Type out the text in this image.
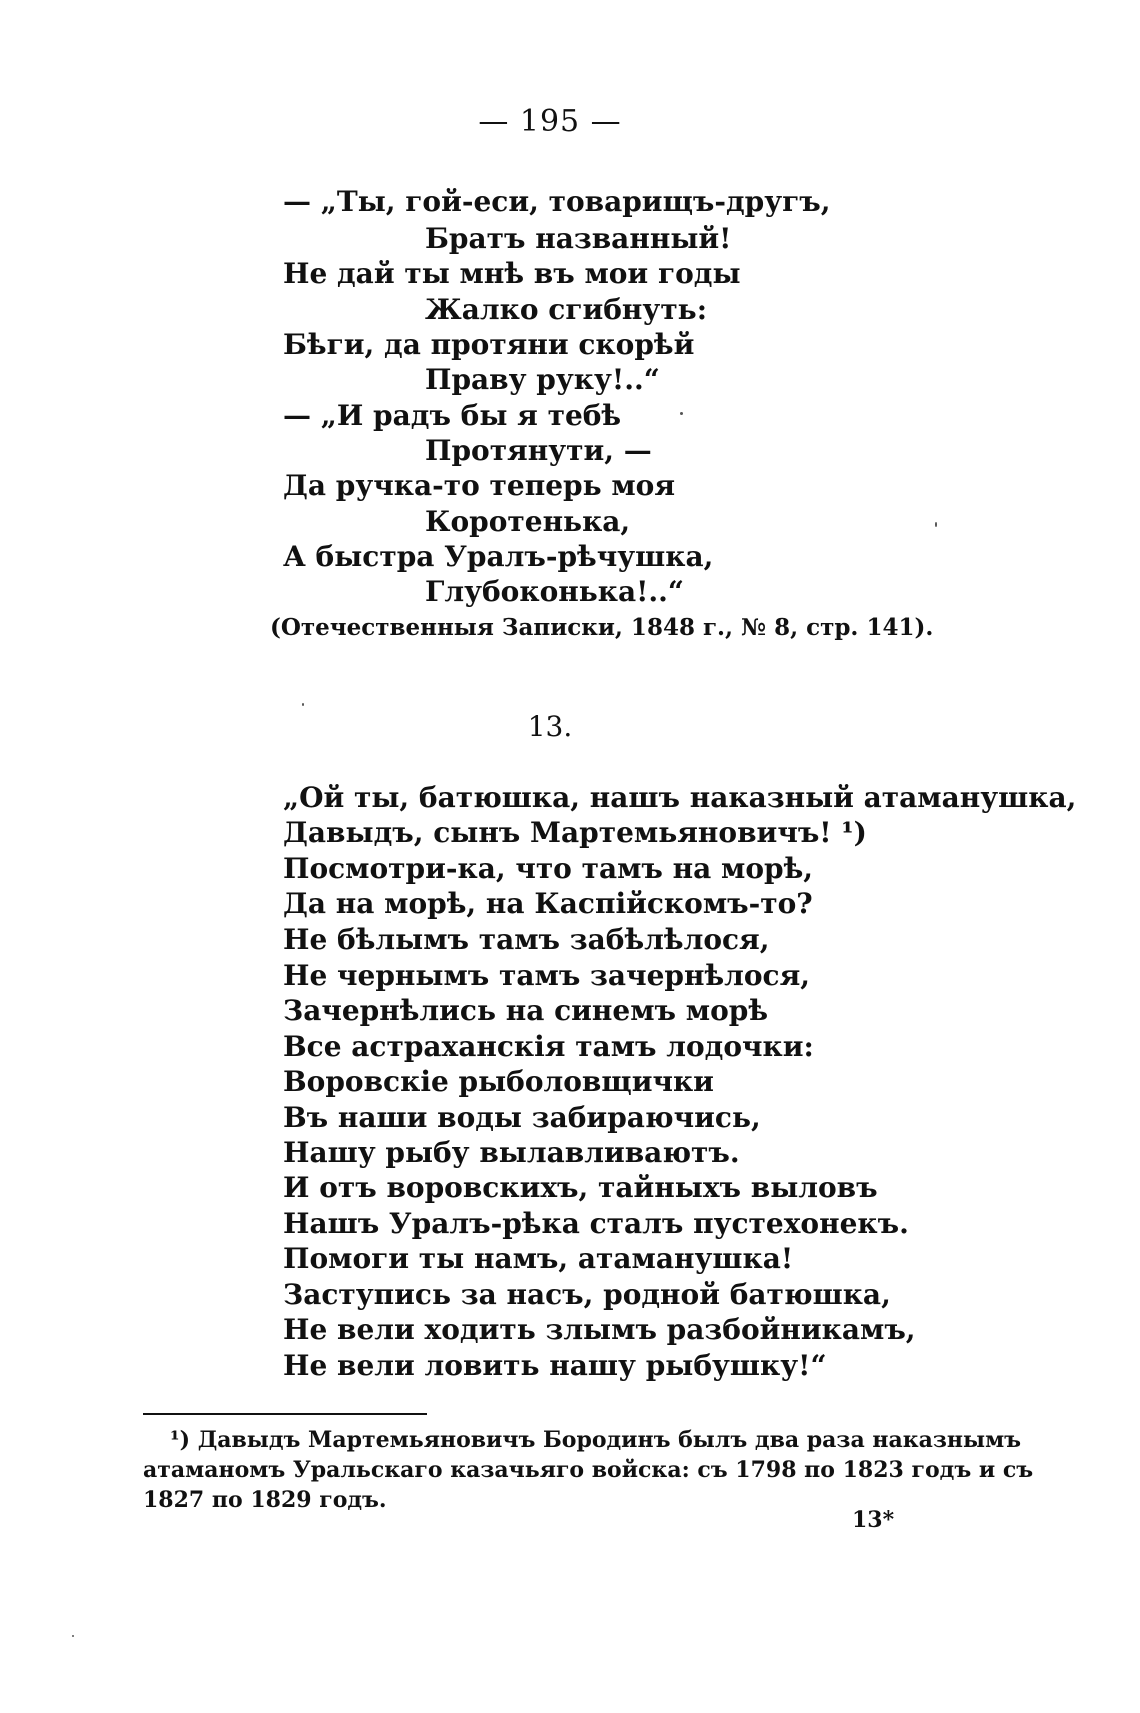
— 195 —
— „Ты, гой-еси, товарищъ-другъ,
Братъ названный!
Не дай ты мнѣ въ мои годы
Жалко сгибнуть:
Бѣги, да протяни скорѣй
Праву руку!..“
— „И радъ бы я тебѣ
Протянути, —
Да ручка-то теперь моя
Коротенька,
А быстра Уралъ-рѣчушка,
Глубоконька!..“
(Отечественныя Записки, 1848 г., № 8, стр. 141).
13.
„Ой ты, батюшка, нашъ наказный атаманушка,
Давыдъ, сынъ Мартемьяновичъ! ¹)
Посмотри-ка, что тамъ на морѣ,
Да на морѣ, на Каспійскомъ-то?
Не бѣлымъ тамъ забѣлѣлося,
Не чернымъ тамъ зачернѣлося,
Зачернѣлись на синемъ морѣ
Все астраханскія тамъ лодочки:
Воровскіе рыболовщички
Въ наши воды забираючись,
Нашу рыбу вылавливаютъ.
И отъ воровскихъ, тайныхъ выловъ
Нашъ Уралъ-рѣка сталъ пустехонекъ.
Помоги ты намъ, атаманушка!
Заступись за насъ, родной батюшка,
Не вели ходить злымъ разбойникамъ,
Не вели ловить нашу рыбушку!“
¹) Давыдъ Мартемьяновичъ Бородинъ былъ два раза наказнымъ
атаманомъ Уральскаго казачьяго войска: съ 1798 по 1823 годъ и съ
1827 по 1829 годъ.
13*
